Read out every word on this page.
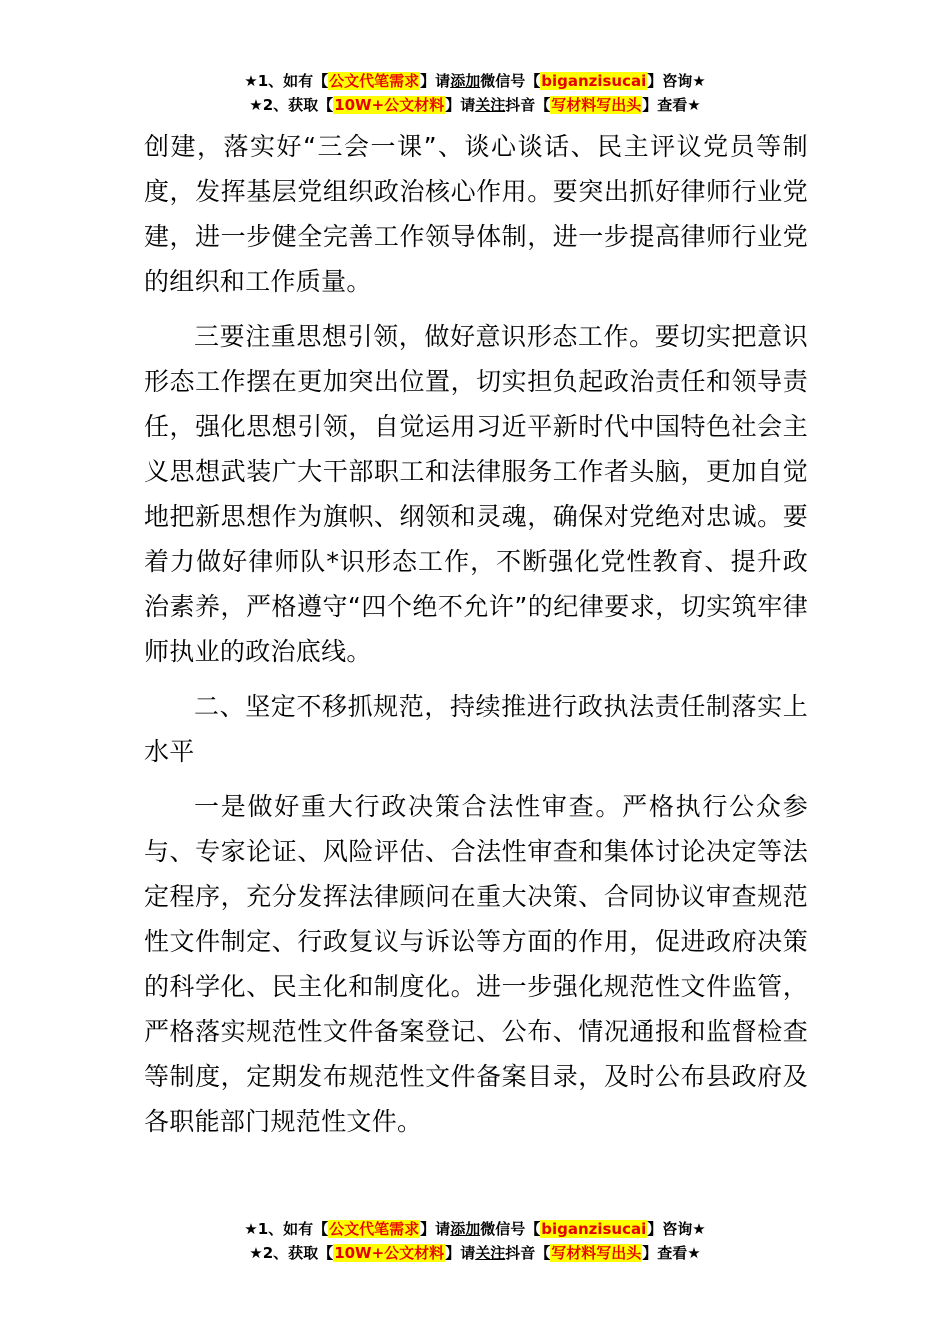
★1、如有【公文代笔需求】请添加微信号【biganzisucai】咨询★
★2、获取【10W+公文材料】请关注抖音【写材料写出头】查看★

创建，落实好“三会一课”、谈心谈话、民主评议党员等制度，发挥基层党组织政治核心作用。要突出抓好律师行业党建，进一步健全完善工作领导体制，进一步提高律师行业党的组织和工作质量。

三要注重思想引领，做好意识形态工作。要切实把意识形态工作摆在更加突出位置，切实担负起政治责任和领导责任，强化思想引领，自觉运用习近平新时代中国特色社会主义思想武装广大干部职工和法律服务工作者头脑，更加自觉地把新思想作为旗帜、纲领和灵魂，确保对党绝对忠诚。要着力做好律师队*识形态工作，不断强化党性教育、提升政治素养，严格遵守“四个绝不允许”的纪律要求，切实筑牢律师执业的政治底线。

二、坚定不移抓规范，持续推进行政执法责任制落实上水平

一是做好重大行政决策合法性审查。严格执行公众参与、专家论证、风险评估、合法性审查和集体讨论决定等法定程序，充分发挥法律顾问在重大决策、合同协议审查规范性文件制定、行政复议与诉讼等方面的作用，促进政府决策的科学化、民主化和制度化。进一步强化规范性文件监管，严格落实规范性文件备案登记、公布、情况通报和监督检查等制度，定期发布规范性文件备案目录，及时公布县政府及各职能部门规范性文件。

★1、如有【公文代笔需求】请添加微信号【biganzisucai】咨询★
★2、获取【10W+公文材料】请关注抖音【写材料写出头】查看★
